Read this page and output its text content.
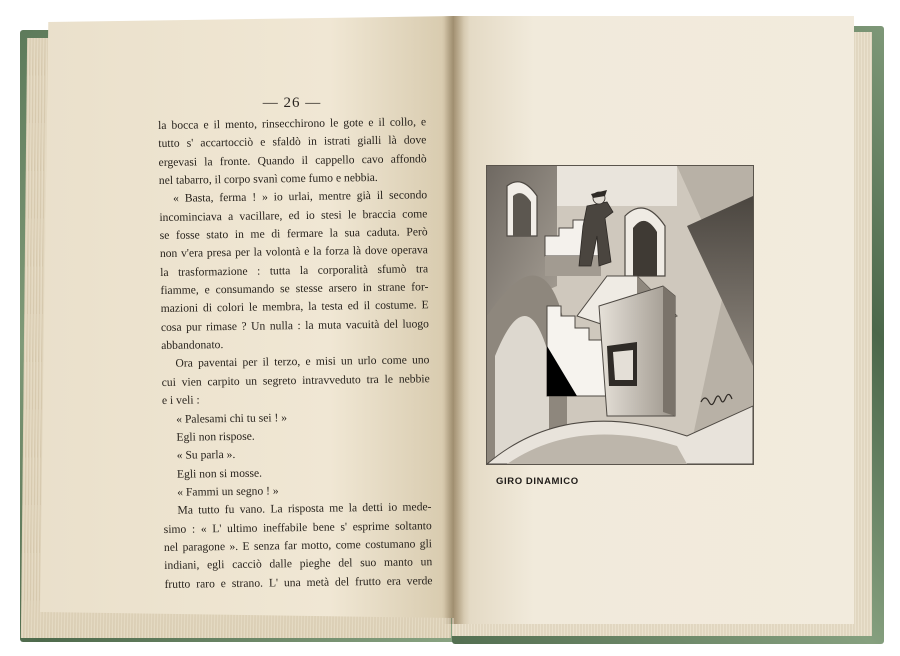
— 26 —
la bocca e il mento, rinsecchirono le gote e il collo, e
tutto s' accartocciò e sfaldò in istrati gialli là dove
ergevasi la fronte. Quando il cappello cavo affondò
nel tabarro, il corpo svanì come fumo e nebbia.
« Basta, ferma ! » io urlai, mentre già il secondo
incominciava a vacillare, ed io stesi le braccia come
se fosse stato in me di fermare la sua caduta. Però
non v'era presa per la volontà e la forza là dove operava
la trasformazione : tutta la corporalità sfumò tra
fiamme, e consumando se stesse arsero in strane for-
mazioni di colori le membra, la testa ed il costume. E
cosa pur rimase ? Un nulla : la muta vacuità del luogo
abbandonato.
Ora paventai per il terzo, e misi un urlo come uno
cui vien carpito un segreto intravveduto tra le nebbie
e i veli :
« Palesami chi tu sei ! »
Egli non rispose.
« Su parla ».
Egli non si mosse.
« Fammi un segno ! »
Ma tutto fu vano. La risposta me la detti io mede-
simo : « L' ultimo ineffabile bene s' esprime soltanto
nel paragone ». E senza far motto, come costumano gli
indiani, egli cacciò dalle pieghe del suo manto un
frutto raro e strano. L' una metà del frutto era verde
GIRO DINAMICO
